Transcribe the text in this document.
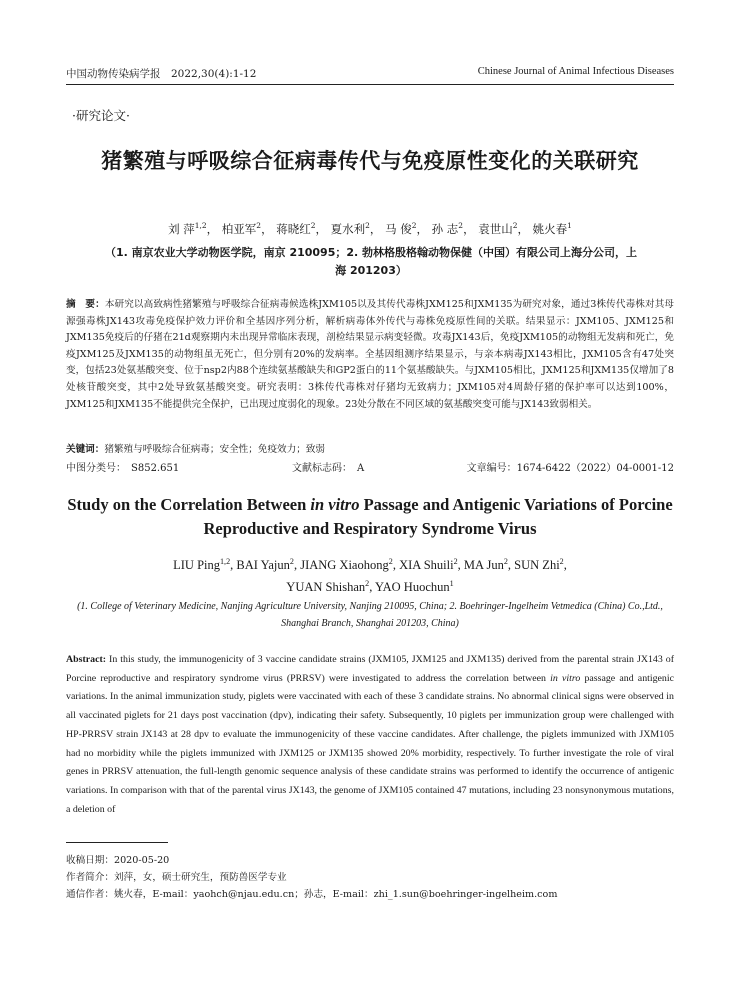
中国动物传染病学报　2022,30(4):1-12	Chinese Journal of Animal Infectious Diseases
·研究论文·
猪繁殖与呼吸综合征病毒传代与免疫原性变化的关联研究
刘 萍$^{1,2}$， 柏亚军$^2$， 蒋晓红$^2$， 夏水利$^2$， 马 俊$^2$， 孙 志$^2$， 袁世山$^2$， 姚火春$^1$
（1. 南京农业大学动物医学院，南京 210095；2. 勃林格殷格翰动物保健（中国）有限公司上海分公司，上海 201203）
摘　要：本研究以高致病性猪繁殖与呼吸综合征病毒候选株JXM105以及其传代毒株JXM125和JXM135为研究对象，通过3株传代毒株对其母源强毒株JX143攻毒免疫保护效力评价和全基因序列分析，解析病毒体外传代与毒株免疫原性间的关联。结果显示：JXM105、JXM125和JXM135免疫后的仔猪在21d观察期内未出现异常临床表现，剖检结果显示病变轻微。攻毒JX143后，免疫JXM105的动物组无发病和死亡，免疫JXM125及JXM135的动物组虽无死亡，但分别有20%的发病率。全基因组测序结果显示，与亲本病毒JX143相比，JXM105含有47处突变，包括23处氨基酸突变、位于nsp2内88个连续氨基酸缺失和GP2蛋白的11个氨基酸缺失。与JXM105相比，JXM125和JXM135仅增加了8处核苷酸突变，其中2处导致氨基酸突变。研究表明：3株传代毒株对仔猪均无致病力；JXM105对4周龄仔猪的保护率可以达到100%，JXM125和JXM135不能提供完全保护，已出现过度弱化的现象。23处分散在不同区域的氨基酸突变可能与JX143致弱相关。
关键词：猪繁殖与呼吸综合征病毒；安全性；免疫效力；致弱
中图分类号：　S852.651	文献标志码：　A	文章编号：1674-6422（2022）04-0001-12
Study on the Correlation Between in vitro Passage and Antigenic Variations of Porcine Reproductive and Respiratory Syndrome Virus
LIU Ping$^{1,2}$, BAI Yajun$^2$, JIANG Xiaohong$^2$, XIA Shuili$^2$, MA Jun$^2$, SUN Zhi$^2$,
YUAN Shishan$^2$, YAO Huochun$^1$
(1. College of Veterinary Medicine, Nanjing Agriculture University, Nanjing 210095, China; 2. Boehringer-Ingelheim Vetmedica (China) Co.,Ltd., Shanghai Branch, Shanghai 201203, China)
Abstract: In this study, the immunogenicity of 3 vaccine candidate strains (JXM105, JXM125 and JXM135) derived from the parental strain JX143 of Porcine reproductive and respiratory syndrome virus (PRRSV) were investigated to address the correlation between in vitro passage and antigenic variations. In the animal immunization study, piglets were vaccinated with each of these 3 candidate strains. No abnormal clinical signs were observed in all vaccinated piglets for 21 days post vaccination (dpv), indicating their safety. Subsequently, 10 piglets per immunization group were challenged with HP-PRRSV strain JX143 at 28 dpv to evaluate the immunogenicity of these vaccine candidates. After challenge, the piglets immunized with JXM105 had no morbidity while the piglets immunized with JXM125 or JXM135 showed 20% morbidity, respectively. To further investigate the role of viral genes in PRRSV attenuation, the full-length genomic sequence analysis of these candidate strains was performed to identify the occurrence of antigenic variations. In comparison with that of the parental virus JX143, the genome of JXM105 contained 47 mutations, including 23 nonsynonymous mutations, a deletion of
收稿日期：2020-05-20
作者简介：刘萍，女，硕士研究生，预防兽医学专业
通信作者：姚火春，E-mail：yaohch@njau.edu.cn；孙志，E-mail：zhi_1.sun@boehringer-ingelheim.com
